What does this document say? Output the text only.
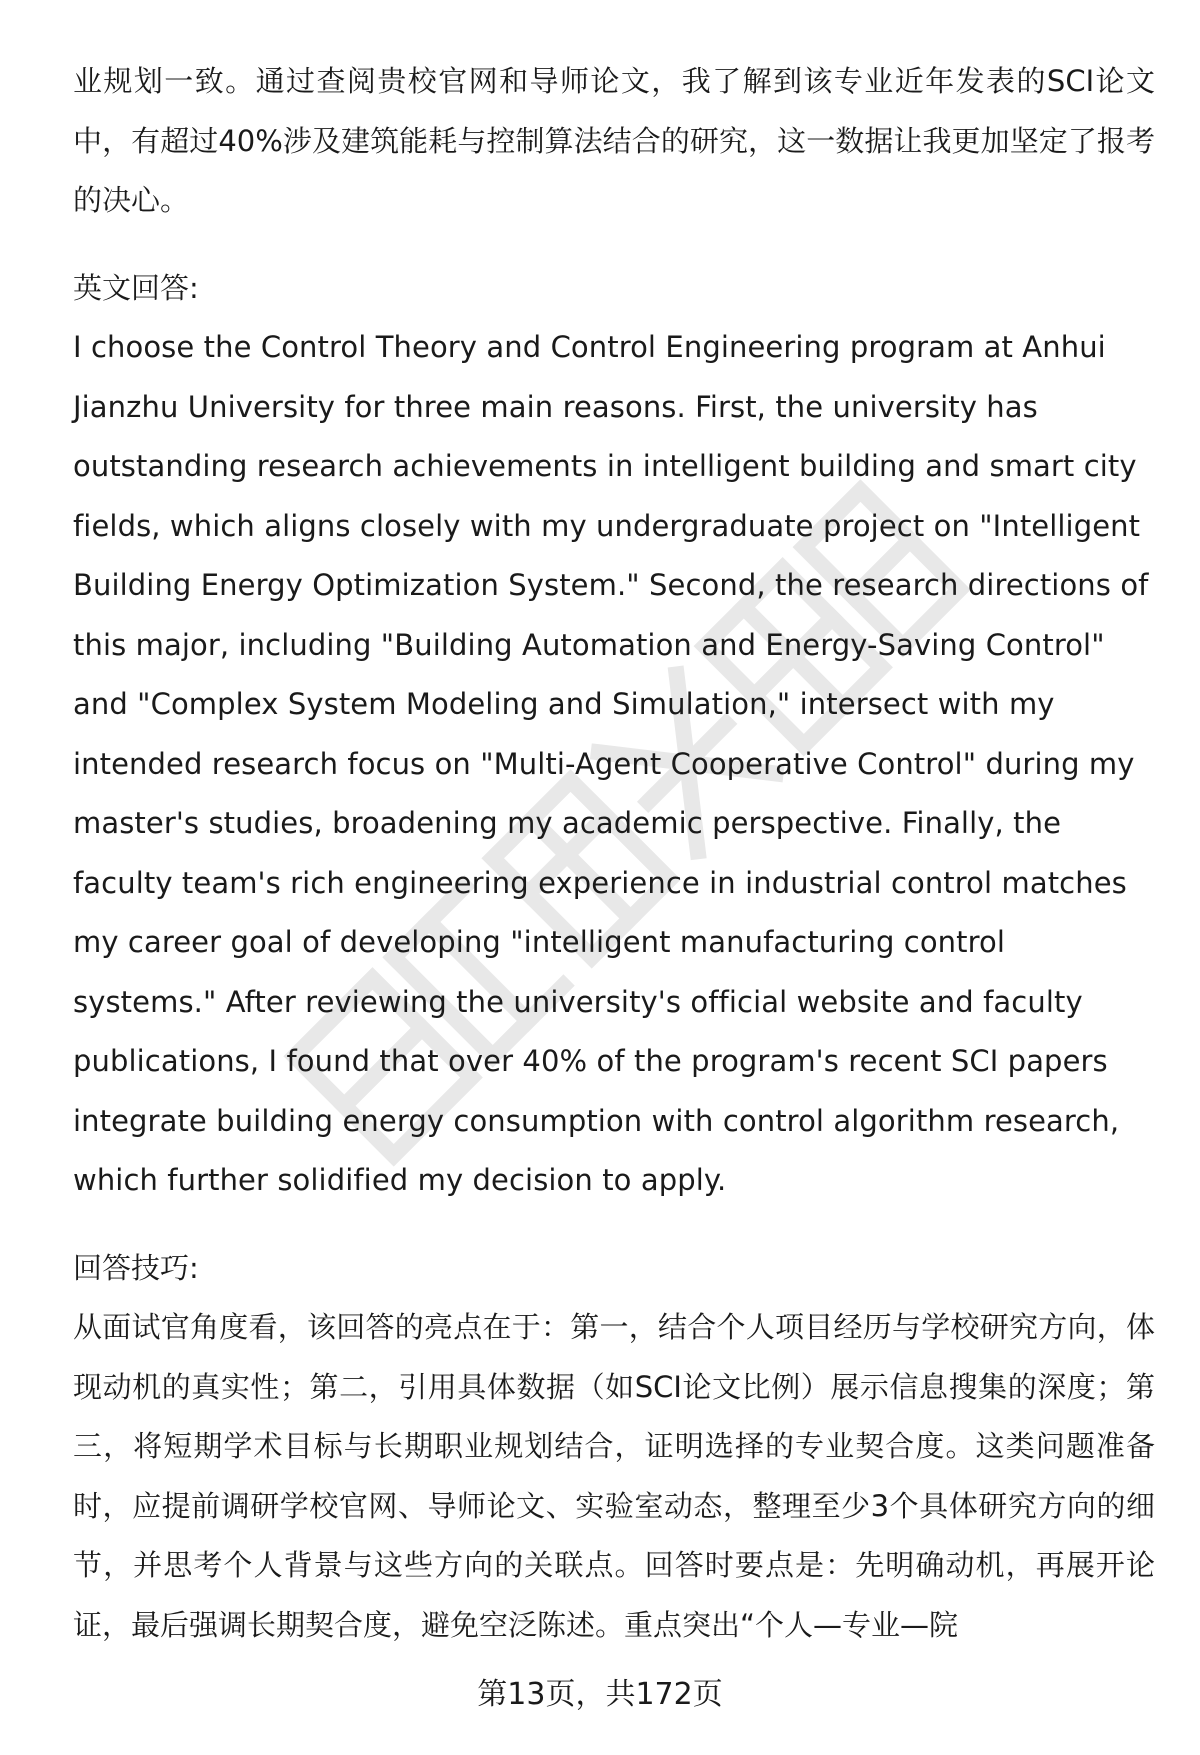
业规划一致。通过查阅贵校官网和导师论文，我了解到该专业近年发表的SCI论文中，有超过40%涉及建筑能耗与控制算法结合的研究，这一数据让我更加坚定了报考的决心。

英文回答:

I choose the Control Theory and Control Engineering program at Anhui Jianzhu University for three main reasons. First, the university has outstanding research achievements in intelligent building and smart city fields, which aligns closely with my undergraduate project on "Intelligent Building Energy Optimization System." Second, the research directions of this major, including "Building Automation and Energy-Saving Control" and "Complex System Modeling and Simulation," intersect with my intended research focus on "Multi-Agent Cooperative Control" during my master's studies, broadening my academic perspective. Finally, the faculty team's rich engineering experience in industrial control matches my career goal of developing "intelligent manufacturing control systems." After reviewing the university's official website and faculty publications, I found that over 40% of the program's recent SCI papers integrate building energy consumption with control algorithm research, which further solidified my decision to apply.

回答技巧:

从面试官角度看，该回答的亮点在于：第一，结合个人项目经历与学校研究方向，体现动机的真实性；第二，引用具体数据（如SCI论文比例）展示信息搜集的深度；第三，将短期学术目标与长期职业规划结合，证明选择的专业契合度。这类问题准备时，应提前调研学校官网、导师论文、实验室动态，整理至少3个具体研究方向的细节，并思考个人背景与这些方向的关联点。回答时要点是：先明确动机，再展开论证，最后强调长期契合度，避免空泛陈述。重点突出“个人—专业—院

第13页，共172页
